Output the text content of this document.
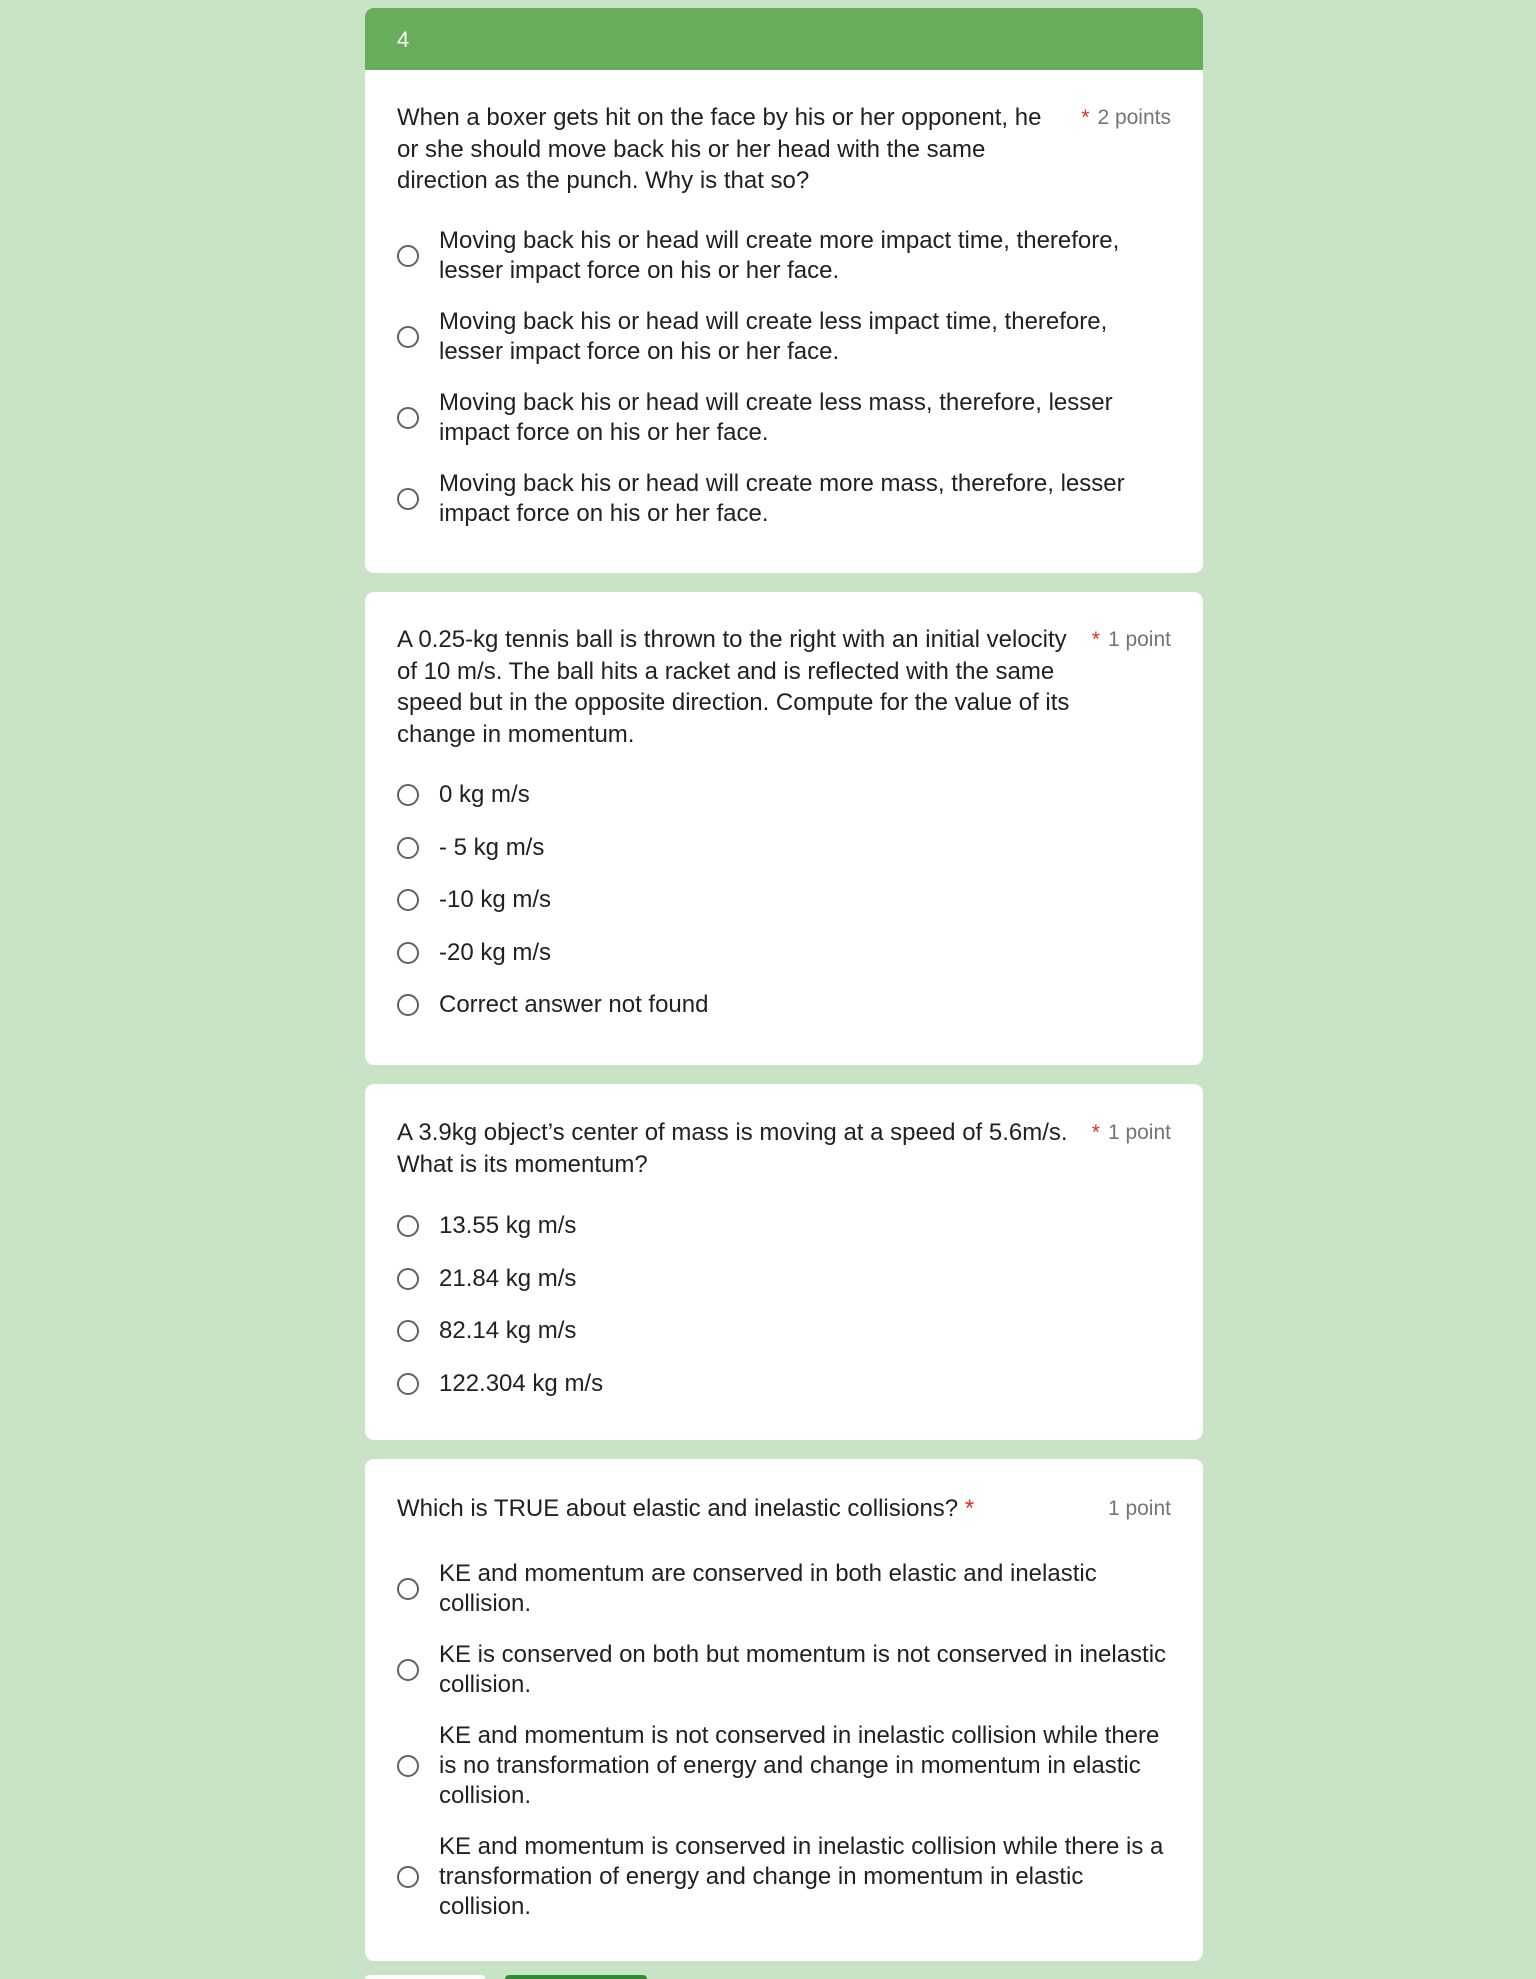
4
When a boxer gets hit on the face by his or her opponent, he or she should move back his or her head with the same direction as the punch. Why is that so?
* 2 points
Moving back his or head will create more impact time, therefore, lesser impact force on his or her face.
Moving back his or head will create less impact time, therefore, lesser impact force on his or her face.
Moving back his or head will create less mass, therefore, lesser impact force on his or her face.
Moving back his or head will create more mass, therefore, lesser impact force on his or her face.
A 0.25-kg tennis ball is thrown to the right with an initial velocity of 10 m/s. The ball hits a racket and is reflected with the same speed but in the opposite direction. Compute for the value of its change in momentum.
* 1 point
0 kg m/s
- 5 kg m/s
-10 kg m/s
-20 kg m/s
Correct answer not found
A 3.9kg object’s center of mass is moving at a speed of 5.6m/s. What is its momentum?
* 1 point
13.55 kg m/s
21.84 kg m/s
82.14 kg m/s
122.304 kg m/s
Which is TRUE about elastic and inelastic collisions? *	1 point
KE and momentum are conserved in both elastic and inelastic collision.
KE is conserved on both but momentum is not conserved in inelastic collision.
KE and momentum is not conserved in inelastic collision while there is no transformation of energy and change in momentum in elastic collision.
KE and momentum is conserved in inelastic collision while there is a transformation of energy and change in momentum in elastic collision.
